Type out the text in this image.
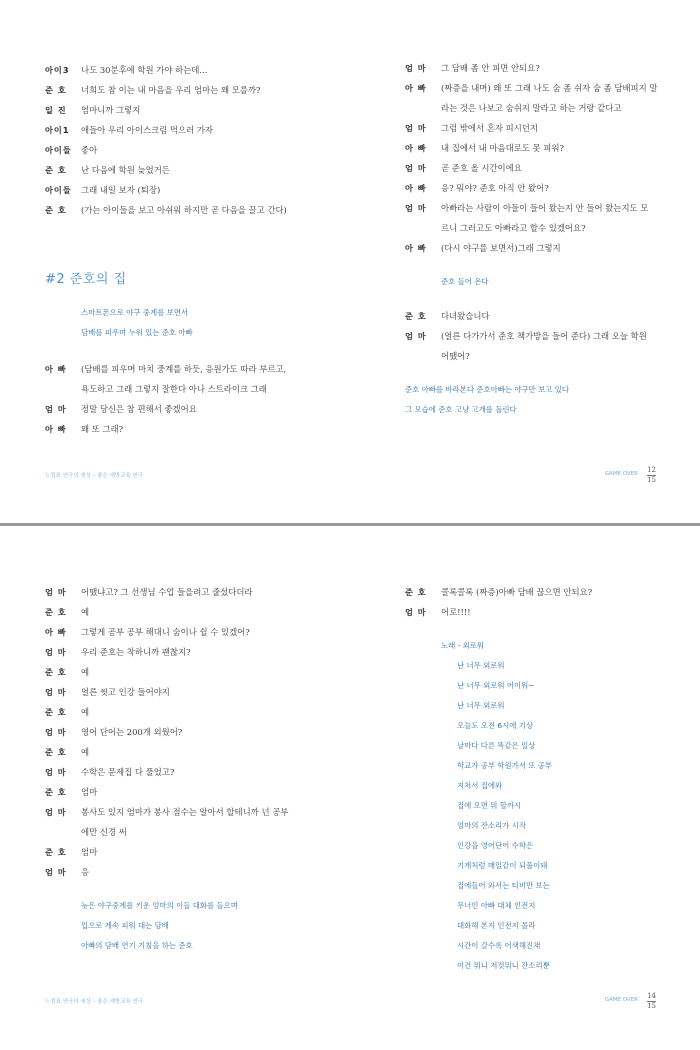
아이3	나도 30분후에 학원 가야 하는데...
준 호	너희도 참 이는 내 마음을 우리 엄마는 왜 모를까?
일 진	엄마니까 그렇지
아이1	애들아 우리 아이스크림 먹으러 가자
아이들	좋아
준 호	난 다음에 학원 늦었거든
아이들	그래 내일 보자 (퇴장)
준 호	(가는 아이들을 보고 아쉬워 하지만 곧 다음을 끌고 간다)
#2 준호의 집
스마트폰으로 야구 중계를 보면서
담배를 피우며 누워 있는 준호 아빠
아 빠	(담배를 피우며 마치 중계를 하듯, 응원가도 따라 부르고,
욕도하고 그래 그렇지 잘한다 아나 스트라이크 그래
엄 마	정말 당신은 참 편해서 좋겠어요
아 빠	왜 또 그래?
엄 마	그 담배 좀 안 피면 안되요?
아 빠	(짜증을 내며) 왜 또 그래 나도 숨 좀 쉬자 숨 좀 담배피지 말
라는 것은 나보고 숨쉬지 말라고 하는 거랑 같다고
엄 마	그럼 밖에서 혼자 피시던지
아 빠	내 집에서 내 마음대로도 못 피워?
엄 마	곧 준호 올 시간이에요
아 빠	응? 뭐야? 준호 아직 안 왔어?
엄 마	아빠라는 사람이 아들이 들어 왔는지 안 들어 왔는지도 모
르니 그러고도 아빠라고 할수 있겠어요?
아 빠	(다시 야구를 보면서)그래 그렇지
준호 들어 온다
준 호	다녀왔습니다
엄 마	(얼른 다가가서 준호 책가방을 들어 준다) 그래 오늘 학원
어땠어?
준호 아빠를 바라본다 준호아빠는 야구만 보고 있다
그 모습에 준호 고냥 고개를 돌린다
느낌표 연극의 세상 – 좋은 예방교육 연극	GAME OVER 12
15
엄 마	어땠냐고? 그 선생님 수업 들을려고 줄섰다더라
준 호	예
아 빠	그렇게 공부 공부 해대니 숨이나 쉴 수 있겠어?
엄 마	우리 준호는 착하니까 괜찮지?
준 호	예
엄 마	얼른 씻고 인강 들어야지
준 호	예
엄 마	영어 단어는 200개 외웠어?
준 호	예
엄 마	수학은 문제집 다 풀었고?
준 호	엄마
엄 마	봉사도 있지 엄마가 봉사 점수는 알아서 할테니까 넌 공부
에만 신경 써
준 호	엄마
엄 마	응
늦은 야구중계를 키운 엄마의 이들 대화를 들으며
입으로 계속 피워 대는 담배
아빠의 담배 연기 기침을 하는 준호
준 호	콜록콜록 (짜증)아빠 담배 끊으면 안되요?
엄 마	어로!!!!
노래 - 외로워
난 너무 외로워
난 너무 외로워 어이워~
난 너무 외로워
오늘도 오전 6시에 기상
날마다 다른 똑같은 일상
학교가 공부 학원가서 또 공부
지쳐서 집에와
집에 오면 뭐 할까시
엄마의 잔소리가 시작
인강을 영어단어 수학은
기계처럼 매일같이 되풀이돼
집에들어 와서는 티비만 보는
무너인 아빠 대체 인전지
대화해 본지 인전지 몰라
시간이 갈수록 어색해진채
이건 뭐니 저것뭐니 잔소리뿐
느낌표 연극의 세상 – 좋은 예방교육 연극	GAME OVER 14
15
